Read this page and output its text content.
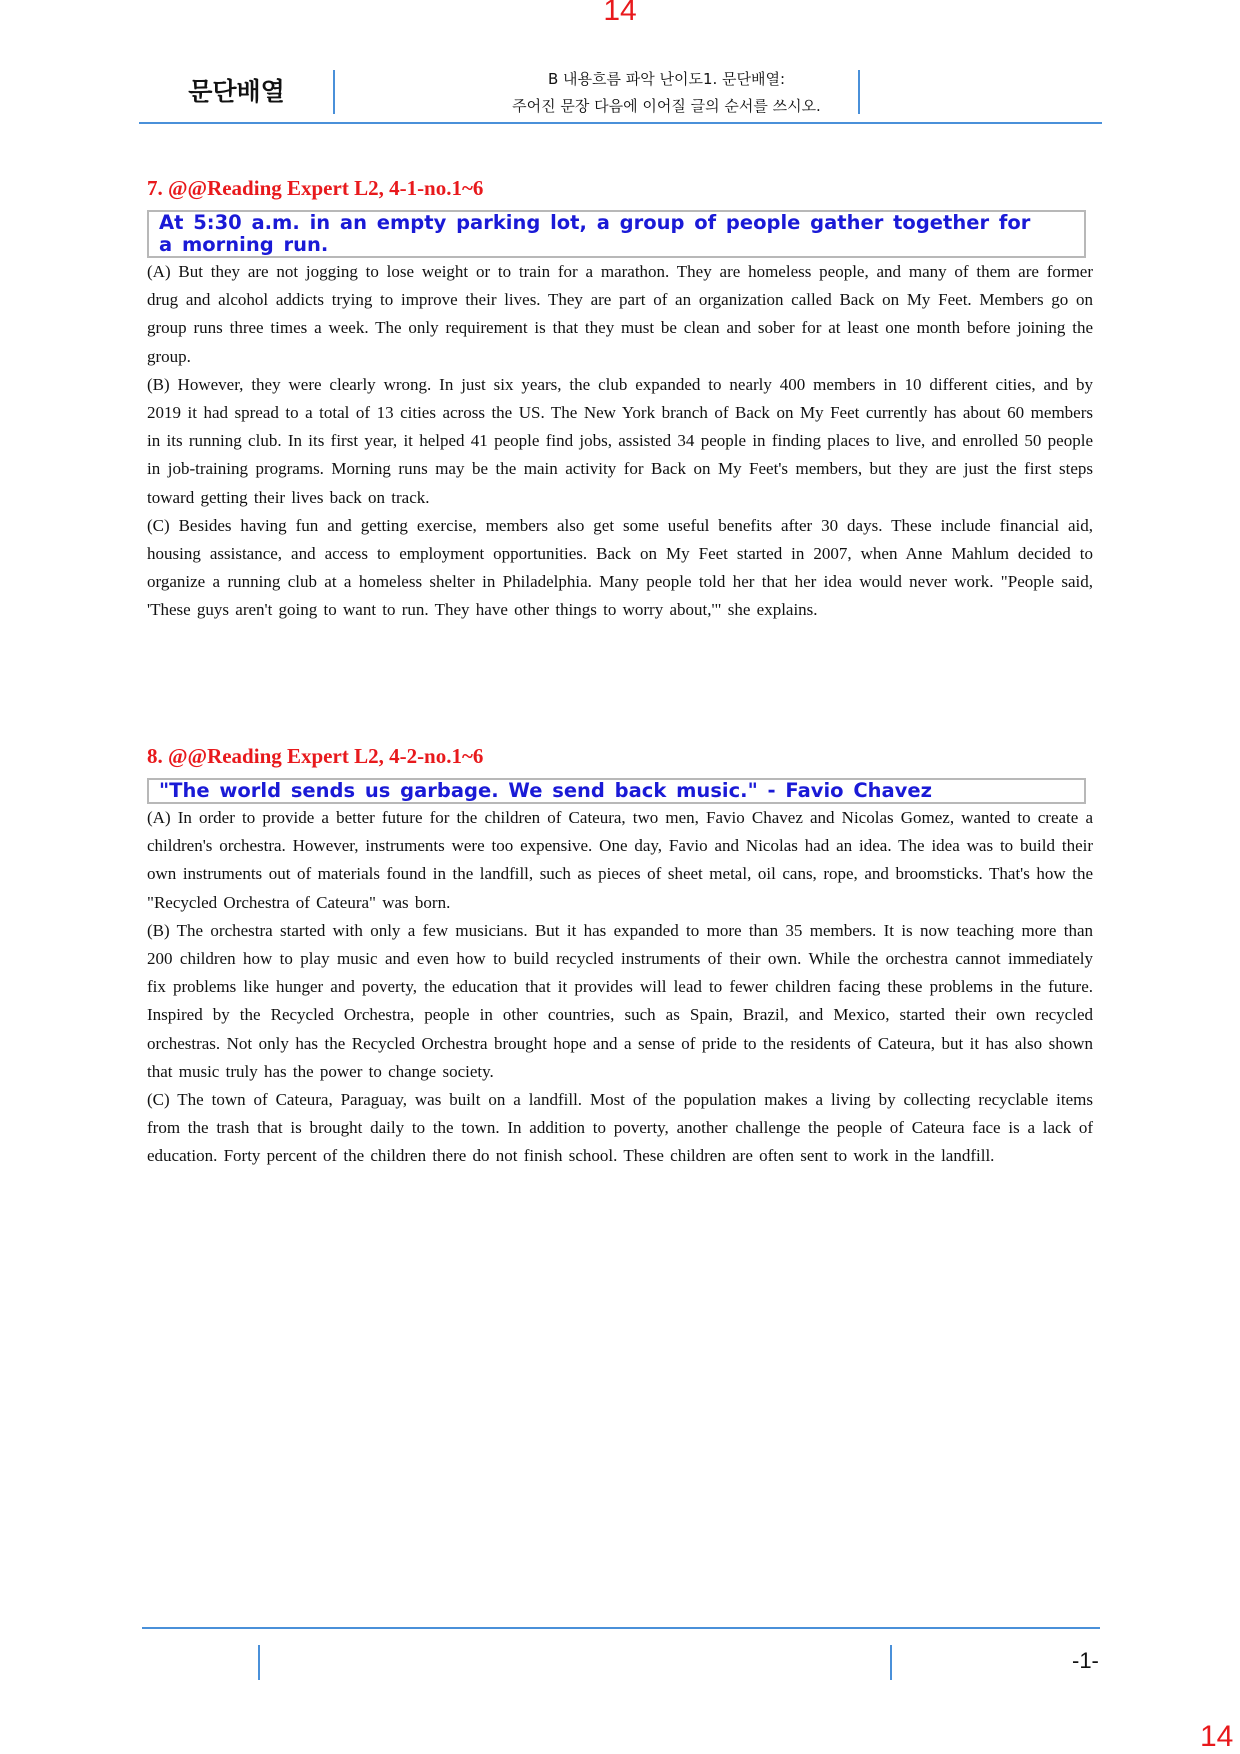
14
문단배열	B 내용흐름 파악 난이도1. 문단배열:
주어진 문장 다음에 이어질 글의 순서를 쓰시오.
7. @@Reading Expert L2, 4-1-no.1~6
At 5:30 a.m. in an empty parking lot, a group of people gather together for a morning run.

(A) But they are not jogging to lose weight or to train for a marathon. They are homeless people, and many of them are former drug and alcohol addicts trying to improve their lives. They are part of an organization called Back on My Feet. Members go on group runs three times a week. The only requirement is that they must be clean and sober for at least one month before joining the group.

(B) However, they were clearly wrong. In just six years, the club expanded to nearly 400 members in 10 different cities, and by 2019 it had spread to a total of 13 cities across the US. The New York branch of Back on My Feet currently has about 60 members in its running club. In its first year, it helped 41 people find jobs, assisted 34 people in finding places to live, and enrolled 50 people in job-training programs. Morning runs may be the main activity for Back on My Feet's members, but they are just the first steps toward getting their lives back on track.

(C) Besides having fun and getting exercise, members also get some useful benefits after 30 days. These include financial aid, housing assistance, and access to employment opportunities. Back on My Feet started in 2007, when Anne Mahlum decided to organize a running club at a homeless shelter in Philadelphia. Many people told her that her idea would never work. "People said, 'These guys aren't going to want to run. They have other things to worry about,'" she explains.

8. @@Reading Expert L2, 4-2-no.1~6
"The world sends us garbage. We send back music." - Favio Chavez

(A) In order to provide a better future for the children of Cateura, two men, Favio Chavez and Nicolas Gomez, wanted to create a children's orchestra. However, instruments were too expensive. One day, Favio and Nicolas had an idea. The idea was to build their own instruments out of materials found in the landfill, such as pieces of sheet metal, oil cans, rope, and broomsticks. That's how the "Recycled Orchestra of Cateura" was born.

(B) The orchestra started with only a few musicians. But it has expanded to more than 35 members. It is now teaching more than 200 children how to play music and even how to build recycled instruments of their own. While the orchestra cannot immediately fix problems like hunger and poverty, the education that it provides will lead to fewer children facing these problems in the future. Inspired by the Recycled Orchestra, people in other countries, such as Spain, Brazil, and Mexico, started their own recycled orchestras. Not only has the Recycled Orchestra brought hope and a sense of pride to the residents of Cateura, but it has also shown that music truly has the power to change society.

(C) The town of Cateura, Paraguay, was built on a landfill. Most of the population makes a living by collecting recyclable items from the trash that is brought daily to the town. In addition to poverty, another challenge the people of Cateura face is a lack of education. Forty percent of the children there do not finish school. These children are often sent to work in the landfill.

-1-
14
